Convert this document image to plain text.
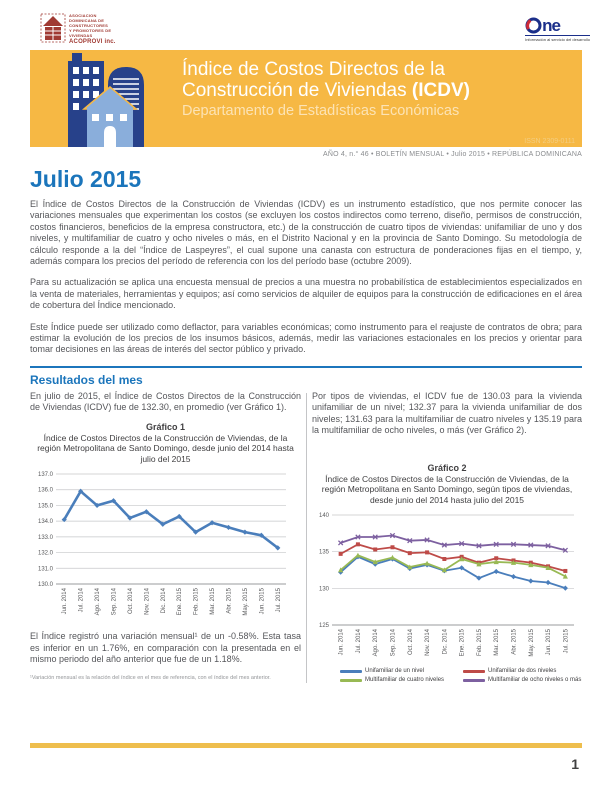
ASOCIACION
DOMINICANA DE
CONSTRUCTORES
Y PROMOTORES DE
VIVIENDAS
ACOPROVI inc.
ne
Información al servicio del desarrollo
Índice de Costos Directos de la
Construcción de Viviendas (ICDV)
Departamento de Estadísticas Económicas
ISSN 2309-0111
AÑO 4, n.° 46 • BOLETÍN MENSUAL • Julio 2015 • REPÚBLICA DOMINICANA
Julio 2015
El Índice de Costos Directos de la Construcción de Viviendas (ICDV) es un instrumento estadístico, que nos permite conocer las variaciones mensuales que experimentan los costos (se excluyen los costos indirectos como terreno, diseño, permisos de construcción, costos financieros, beneficios de la empresa constructora, etc.) de la construcción de cuatro tipos de viviendas: unifamiliar de uno y dos niveles, y multifamiliar de cuatro y ocho niveles o más, en el Distrito Nacional y en la provincia de Santo Domingo. Su metodología de cálculo responde a la del “Índice de Laspeyres”, el cual supone una canasta con estructura de ponderaciones fijas en el tiempo, y, además compara los precios del período de referencia con los del período base (octubre 2009).
Para su actualización se aplica una encuesta mensual de precios a una muestra no probabilística de establecimientos especializados en la venta de materiales, herramientas y equipos; así como servicios de alquiler de equipos para la construcción de edificaciones en el área de cobertura del Índice mencionado.
Este Índice puede ser utilizado como deflactor, para variables económicas; como instrumento para el reajuste de contratos de obra; para estimar la evolución de los precios de los insumos básicos, además, medir las variaciones estacionales en los precios y orientar para tomar decisiones en las áreas de interés del sector público y privado.
Resultados del mes
En julio de 2015, el Índice de Costos Directos de la Construcción de Viviendas (ICDV) fue de 132.30, en promedio (ver Gráfico 1).
Gráfico 1
Índice de Costos Directos de la Construcción de Viviendas, de la región Metropolitana de Santo Domingo, desde junio del 2014 hasta julio del 2015
130.0
131.0
132.0
133.0
134.0
135.0
136.0
137.0
Jun. 2014 Jul. 2014 Ago. 2014 Sep. 2014 Oct. 2014 Nov. 2014 Dic. 2014 Ene. 2015 Feb. 2015 Mar. 2015 Abr. 2015 May. 2015 Jun. 2015 Jul. 2015
El Índice registró una variación mensual¹ de un -0.58%. Esta tasa es inferior en un 1.76%, en comparación con la presentada en el mismo periodo del año anterior que fue de un 1.18%.
¹Variación mensual es la relación del índice en el mes de referencia, con el índice del mes anterior.
Por tipos de viviendas, el ICDV fue de 130.03 para la vivienda unifamiliar de un nivel; 132.37 para la vivienda unifamiliar de dos niveles; 131.63 para la multifamiliar de cuatro niveles y 135.19 para la multifamiliar de ocho niveles, o más (ver Gráfico 2).
Gráfico 2
Índice de Costos Directos de la Construcción de Viviendas, de la región Metropolitana en Santo Domingo, según tipos de viviendas, desde junio del 2014 hasta julio del 2015
125
130
135
140
Jun. 2014 Jul. 2014 Ago. 2014 Sep. 2014 Oct. 2014 Nov. 2014 Dic. 2014 Ene. 2015 Feb. 2015 Mar. 2015 Abr. 2015 May. 2015 Jun. 2015 Jul. 2015
Unifamiliar de un nivel	Unifamiliar de dos niveles
Multifamiliar de cuatro niveles	Multifamiliar de ocho niveles o más
1
